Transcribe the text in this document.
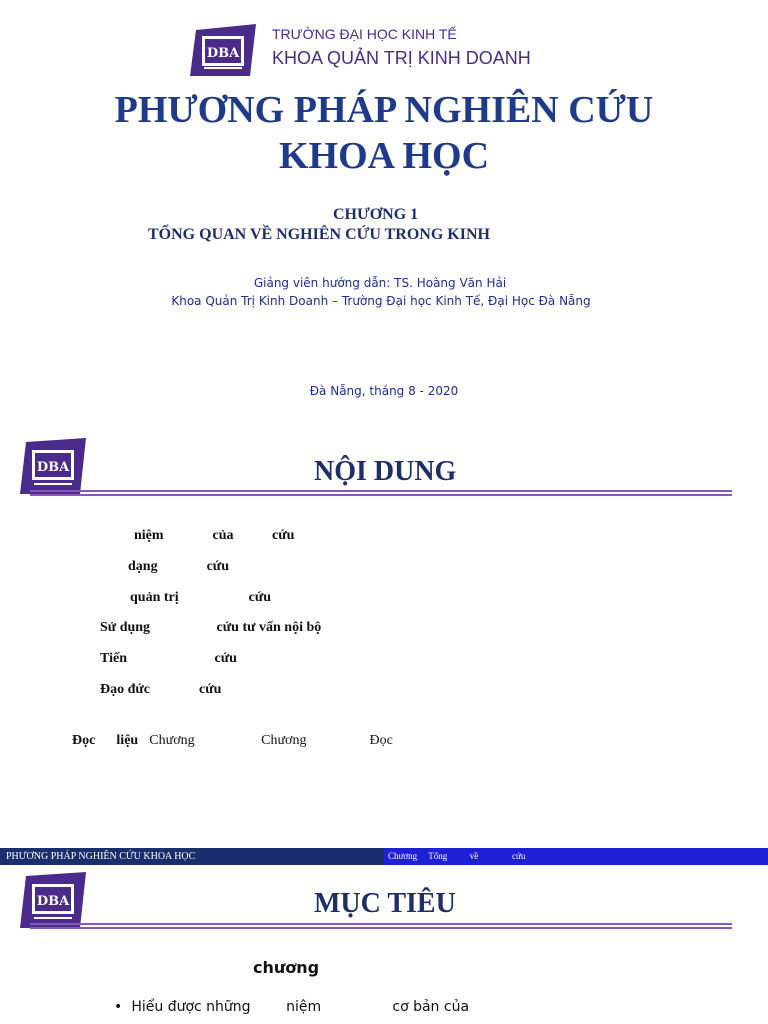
DBA
TRƯỜNG ĐẠI HỌC KINH TẾ
KHOA QUẢN TRỊ KINH DOANH
PHƯƠNG PHÁP NGHIÊN CỨU
KHOA HỌC
CHƯƠNG 1
TỔNG QUAN VỀ NGHIÊN CỨU TRONG KINH
Giảng viên hướng dẫn: TS. Hoàng Văn Hải
Khoa Quản Trị Kinh Doanh – Trường Đại học Kinh Tế, Đại Học Đà Nẵng
Đà Nẵng, tháng 8 - 2020
DBA	NỘI DUNG
niệm              của           cứu
dạng              cứu
quản trị                    cứu
Sử dụng                   cứu tư vấn nội bộ
Tiến                         cứu
Đạo đức              cứu
Đọc liệu Chương                   Chương                  Đọc
PHƯƠNG PHÁP NGHIÊN CỨU KHOA HỌC	Chương     Tổng          về               cứu
DBA	MỤC TIÊU
chương
• Hiểu được những        niệm                cơ bản của
